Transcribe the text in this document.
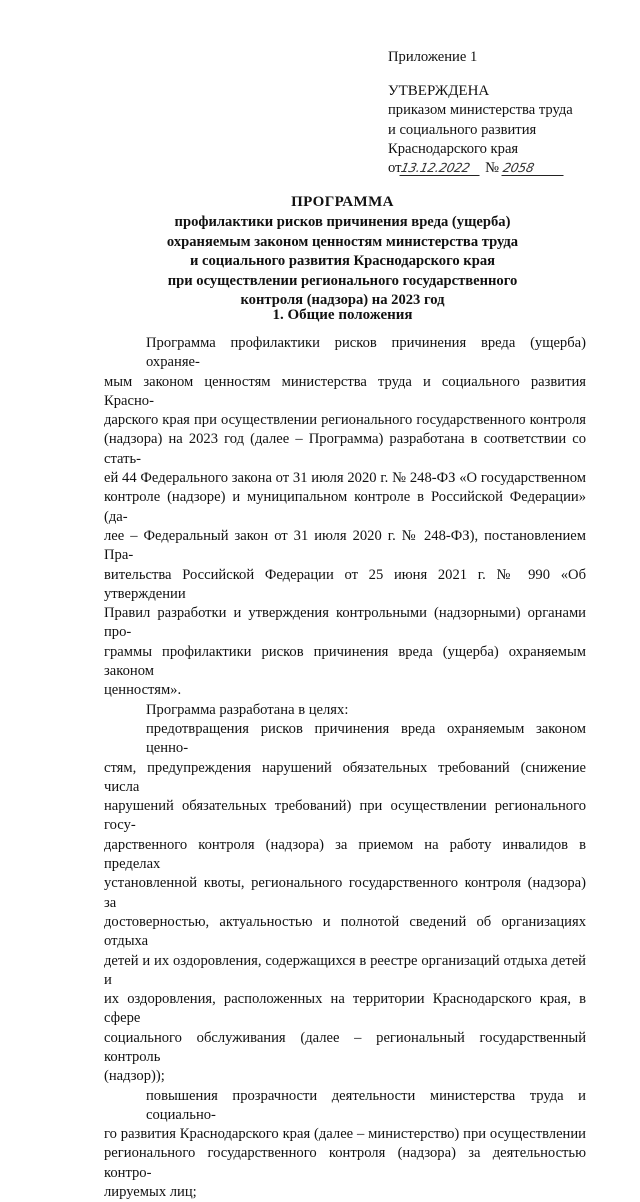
Приложение 1
УТВЕРЖДЕНА
приказом министерства труда
и социального развития
Краснодарского края
от13.12.2022 № 2058
ПРОГРАММА
профилактики рисков причинения вреда (ущерба)
охраняемым законом ценностям министерства труда
и социального развития Краснодарского края
при осуществлении регионального государственного
контроля (надзора) на 2023 год
1. Общие положения

Программа профилактики рисков причинения вреда (ущерба) охраняе-
мым законом ценностям министерства труда и социального развития Красно-
дарского края при осуществлении регионального государственного контроля
(надзора) на 2023 год (далее – Программа) разработана в соответствии со стать-
ей 44 Федерального закона от 31 июля 2020 г. № 248-ФЗ «О государственном
контроле (надзоре) и муниципальном контроле в Российской Федерации» (да-
лее – Федеральный закон от 31 июля 2020 г. № 248-ФЗ), постановлением Пра-
вительства Российской Федерации от 25 июня 2021 г. № 990 «Об утверждении
Правил разработки и утверждения контрольными (надзорными) органами про-
граммы профилактики рисков причинения вреда (ущерба) охраняемым законом
ценностям».

Программа разработана в целях:

предотвращения рисков причинения вреда охраняемым законом ценно-
стям, предупреждения нарушений обязательных требований (снижение числа
нарушений обязательных требований) при осуществлении регионального госу-
дарственного контроля (надзора) за приемом на работу инвалидов в пределах
установленной квоты, регионального государственного контроля (надзора) за
достоверностью, актуальностью и полнотой сведений об организациях отдыха
детей и их оздоровления, содержащихся в реестре организаций отдыха детей и
их оздоровления, расположенных на территории Краснодарского края, в сфере
социального обслуживания (далее – региональный государственный контроль
(надзор));

повышения прозрачности деятельности министерства труда и социально-
го развития Краснодарского края (далее – министерство) при осуществлении
регионального государственного контроля (надзора) за деятельностью контро-
лируемых лиц;
